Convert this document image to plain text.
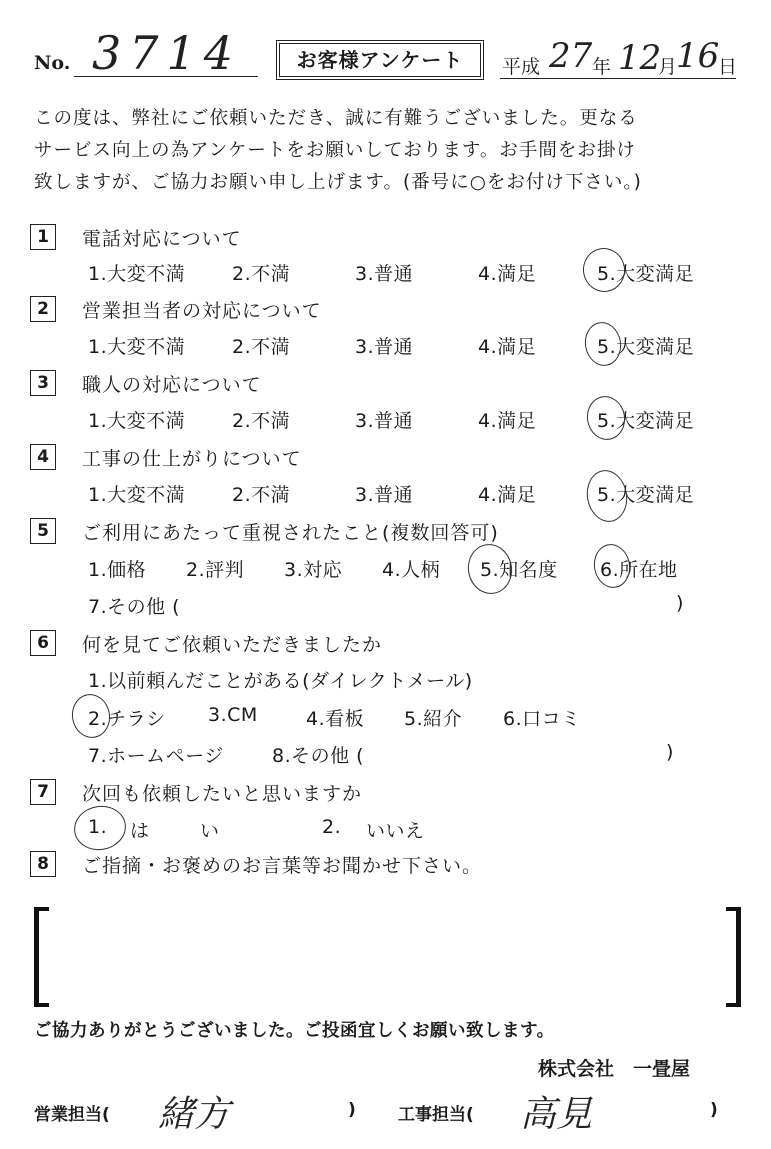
No. 3714	お客様アンケート	平成 27 年 12
月
16
日
この度は、弊社にご依頼いただき、誠に有難うございました。更なる
サービス向上の為アンケートをお願いしております。お手間をお掛け
致しますが、ご協力お願い申し上げます。(番号に○をお付け下さい。)
1	電話対応について
1.大変不満 2.不満	3.普通	4.満足	5.大変満足
2	営業担当者の対応について
1.大変不満 2.不満	3.普通	4.満足	5.大変満足
3	職人の対応について
1.大変不満 2.不満	3.普通	4.満足	5.大変満足
4	工事の仕上がりについて
1.大変不満 2.不満	3.普通	4.満足	5.大変満足
5	ご利用にあたって重視されたこと(複数回答可)
1.価格 2.評判 3.対応 4.人柄 5.知名度 6.所在地
7.その他 (	)
6	何を見てご依頼いただきましたか
1.以前頼んだことがある(ダイレクトメール)
2.チラシ 3.CM	4.看板 5.紹介 6.口コミ
7.ホームページ	8.その他 (	)
7	次回も依頼したいと思いますか
1. は	い	2. いいえ
8	ご指摘・お褒めのお言葉等お聞かせ下さい。
ご協力ありがとうございました。ご投函宜しくお願い致します。
株式会社　一畳屋
営業担当( 緒方	) 工事担当( 高見	)
